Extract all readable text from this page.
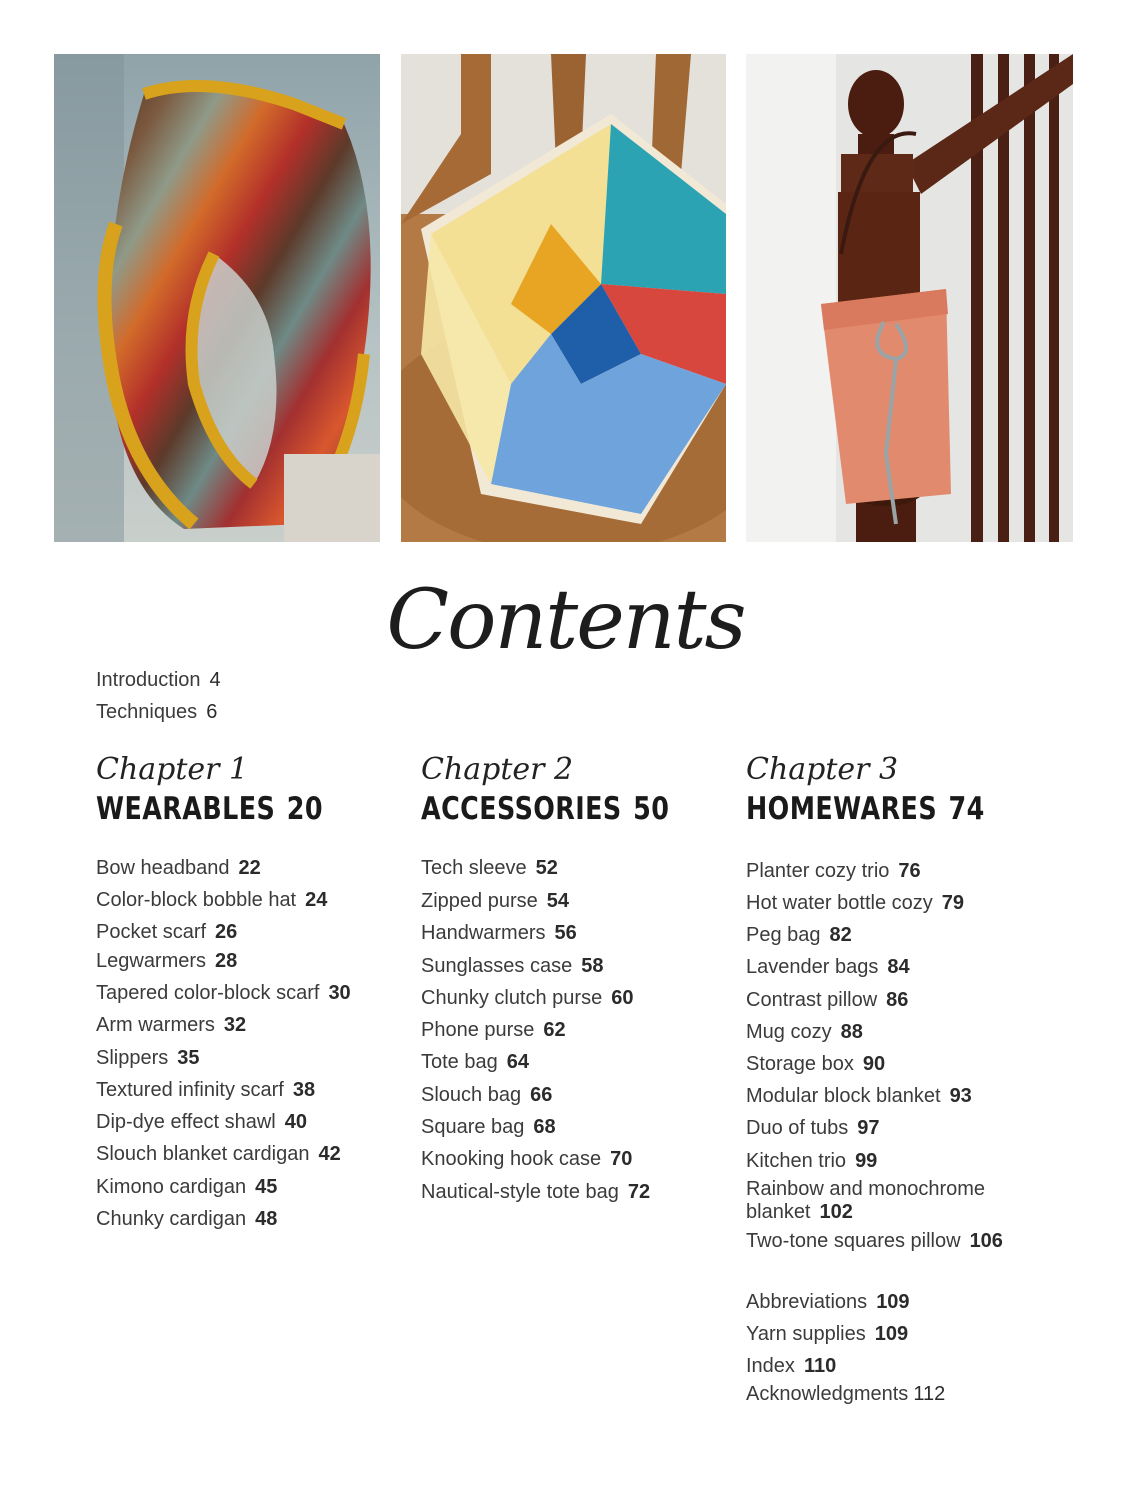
Contents
Introduction 4
Techniques 6
Chapter 1
WEARABLES 20
Chapter 2
ACCESSORIES 50
Chapter 3
HOMEWARES 74
Bow headband 22
Color-block bobble hat 24
Pocket scarf 26
Legwarmers 28
Tapered color-block scarf 30
Arm warmers 32
Slippers 35
Textured infinity scarf 38
Dip-dye effect shawl 40
Slouch blanket cardigan 42
Kimono cardigan 45
Chunky cardigan 48
Tech sleeve 52
Zipped purse 54
Handwarmers 56
Sunglasses case 58
Chunky clutch purse 60
Phone purse 62
Tote bag 64
Slouch bag 66
Square bag 68
Knooking hook case 70
Nautical-style tote bag 72
Planter cozy trio 76
Hot water bottle cozy 79
Peg bag 82
Lavender bags 84
Contrast pillow 86
Mug cozy 88
Storage box 90
Modular block blanket 93
Duo of tubs 97
Kitchen trio 99
Rainbow and monochrome
blanket 102
Two-tone squares pillow 106
Abbreviations 109
Yarn supplies 109
Index 110
Acknowledgments 112
